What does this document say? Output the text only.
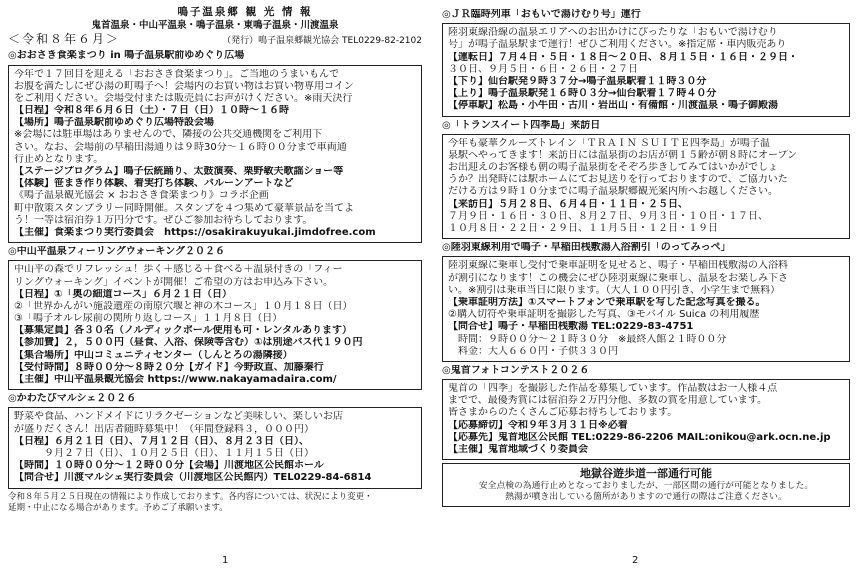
鳴子温泉郷 観 光 情 報
鬼首温泉・中山平温泉・鳴子温泉・東鳴子温泉・川渡温泉
＜令和８年６月＞	（発行）鳴子温泉郷観光協会 TEL0229-82-2102
◎おおさき食楽まつり in 鳴子温泉駅前ゆめぐり広場

今年で１７回目を迎える「おおさき食楽まつり」。ご当地のうまいもんで

お腹を満たしにぜひ湯の町鳴子へ！会場内のお買い物はお買い物専用コイン

をご利用ください。会場受付または販売員にお声がけください。※雨天決行

【日程】令和８年６月６日（土）・７日（日）１０時～１６時

【場所】鳴子温泉駅前ゆめぐり広場特設会場

※会場には駐車場はありませんので、隣接の公共交通機関をご利用下

さい。なお、会場前の早稲田湯通りは９時30分～１６時００分まで車両通

行止めとなります。

【ステージプログラム】鳴子伝統踊り、太鼓演奏、栗野敏夫歌謡ショー等

【体験】笹まき作り体験、着実打ち体験、バルーンアートなど

《鳴子温泉観光協会 × おおさき食楽まつり》コラボ企画

町中散策スタンプラリー同時開催。スタンプを４つ集めて豪華景品を当てよ

う！一等は宿泊券１万円分です。ぜひご参加お待ちしております。

【主催】食楽まつり実行委員会　https://osakirakuyukai.jimdofree.com

◎中山平温泉フィーリングウォーキング２０２６

中山平の森でリフレッシュ！歩く＋感じる＋食べる＋温泉付きの「フィー

リングウォーキング」イベントが開催！ご希望の方はお申込み下さい。

【日程】①「奥の細道コース」６月２１日（日）

②「世界かんがい施設遺産の南原穴堰と神の木コース」１０月１８日（日）

③「鳴子オルレ尿前の関所り返しコース」１１月８日（日）

【募集定員】各３０名（ノルディックポール使用も可・レンタルあります）

【参加費】２，５００円（昼食、入浴、保険等含む）①は別途バス代１９０円

【集合場所】中山コミュニティセンター（しんとろの湯隣接）

【受付時間】８時００分～８時２０分【ガイド】今野政直、加藤秦行

【主催】中山平温泉観光協会 https://www.nakayamadaira.com/

◎かわたびマルシェ２０２６

野菜や食品、ハンドメイドにリラクゼーションなど美味しい、楽しいお店

が盛りだくさん！出店者随時募集中！（年間登録料３，０００円）

【日程】６月２１日（日）、７月１２日（日）、８月２３日（日）、

　　　９月２７日（日）、１０月２５日（日）、１１月１５日（日）

【時間】１０時００分～１２時００分【会場】川渡地区公民館ホール

【問合せ】川渡マルシェ実行委員会（川渡地区公民館内）TEL0229-84-6814

令和８年５月２５日現在の情報により作成しております。各内容については、状況により変更・
延期・中止になる場合があります。予めご了承願います。
1
◎ＪＲ臨時列車「おもいで湯けむり号」運行

陸羽東線沿線の温泉エリアへのお出かけにぴったりな「おもいで湯けむり

号」が鳴子温泉駅まで運行！ぜひご利用ください。※指定席・車内販売あり

【運転日】７月４日・５日・１８日～２０日、８月１５日・１６日・２９日・

３０日、９月５日・６日・２６日・２７日

【下り】仙台駅発９時３７分→鳴子温泉駅着１１時３０分

【上り】鳴子温泉駅発１６時０３分→仙台駅着１７時４０分

【停車駅】松島・小牛田・古川・岩出山・有備館・川渡温泉・鳴子御殿湯

◎「トランスイート四季島」来訪日

今年も豪華クルーズトレイン「ＴＲＡＩＮ ＳＵＩＴＥ四季島」が鳴子温

泉駅へやってきます！来訪日には温泉街のお店が朝１５齢が朝８時にオープン

お出迎えのお客様も朝の鳴子温泉街をそぞろ歩きしてみてはいかがでしょ

うか？出発時には駅ホームにてお見送りを行っておりますので、ご協力いた

だける方は９時１０分までに鳴子温泉駅郷観光案内所へお越しください。

【来訪日】５月２８日、６月４日・１１日・２５日、

７月９日・１６日・３０日、８月２７日、９月３日・１０日・１７日、

１０月８日・２２日・２９日、１１月５日・１２日・１９日

◎陸羽東線利用で鳴子・早稲田桟敷湯入浴割引「のってみっぺ」

陸羽東線に乗車し受付で乗車証明を見せると、鳴子・早稲田桟敷湯の入浴料

が割引になります！この機会にぜひ陸羽東線に乗車し、温泉をお楽しみ下さ

い。※割引は乗車当日に限ります。（大人１００円引き、小学生まで無料）

【乗車証明方法】①スマートフォンで乗車駅を写した記念写真を撮る。

②購入切符や乗車証明を撮影した写真、③モバイル Suica の利用履歴

【問合せ】鳴子・早稲田桟敷湯 TEL:0229-83-4751

　時間：９時００分～２１時３０分　※最終入館２１時００分

　料金：大人６６０円・子供３３０円

◎鬼首フォトコンテスト２０２６

鬼首の「四季」を撮影した作品を募集しています。作品数はお一人様４点

までで、最優秀賞には宿泊券２万円分他、多数の賞を用意しています。

皆さまからのたくさんご応募お待ちしております。

【応募締切】令和９年３月３１日※必着

【応募先】鬼首地区公民館 TEL:0229-86-2206 MAIL:onikou@ark.ocn.ne.jp

【主催】鬼首地域づくり委員会

地獄谷遊歩道一部通行可能

安全点検の為通行止めとなっておりましたが、一部区間の通行が可能となりました。

熱湯が噴き出している箇所がありますので通行の際はご注意ください。

2
